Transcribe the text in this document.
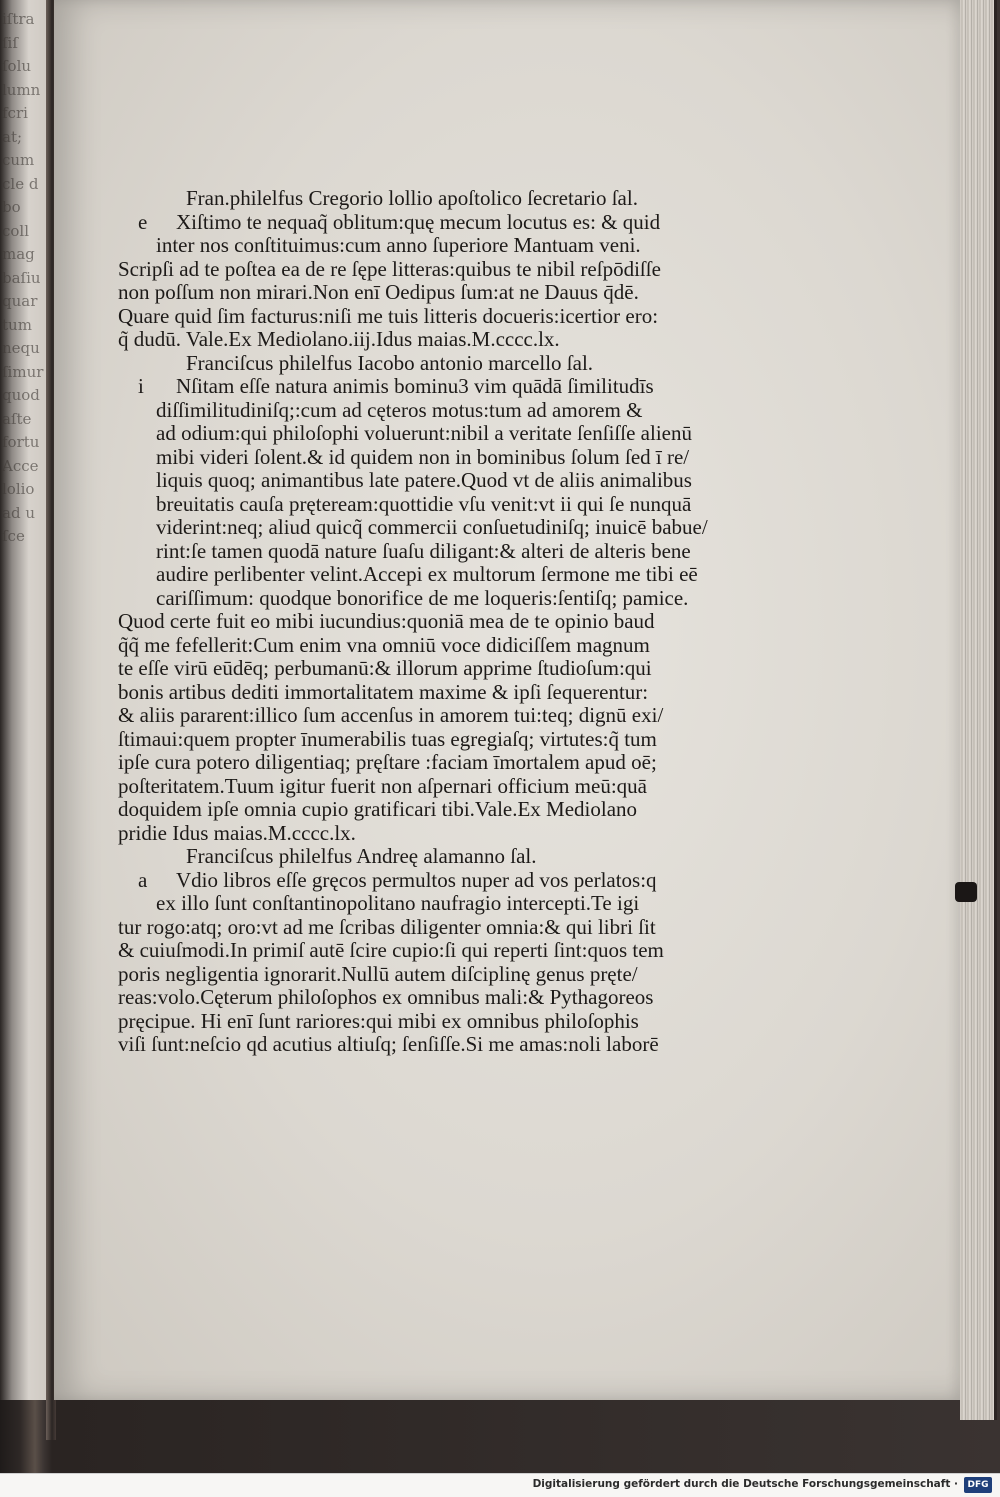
iſtra
ſiſ
ſolu
lumn
fcri
at;
cum
cle d
bo
coll
mag
baſiu
quar
tum
nequ
ſimur
quod
aſte
fortu
Acce
lolio
ad u
ſce
Fran.philelfus Cregorio lollio apoſtolico ſecretario ſal.
e Xiſtimo te nequaq̃ oblitum:quę mecum locutus es: & quid
inter nos conſtituimus:cum anno ſuperiore Mantuam veni.
Scripſi ad te poſtea ea de re ſępe litteras:quibus te nibil reſpōdiſſe
non poſſum non mirari.Non enī Oedipus ſum:at ne Dauus q̄dē.
Quare quid ſim facturus:niſi me tuis litteris docueris:icertior ero:
q̃ dudū. Vale.Ex Mediolano.iij.Idus maias.M.cccc.lx.
Franciſcus philelfus Iacobo antonio marcello ſal.
i Nſitam eſſe natura animis bominu3 vim quādā ſimilitudīs
diſſimilitudiniſq;:cum ad cęteros motus:tum ad amorem &
ad odium:qui philoſophi voluerunt:nibil a veritate ſenſiſſe alienū
mibi videri ſolent.& id quidem non in bominibus ſolum ſed ī re/
liquis quoq; animantibus late patere.Quod vt de aliis animalibus
breuitatis cauſa pręteream:quottidie vſu venit:vt ii qui ſe nunquā
viderint:neq; aliud quicq̃ commercii conſuetudiniſq; inuicē babue/
rint:ſe tamen quodā nature ſuaſu diligant:& alteri de alteris bene
audire perlibenter velint.Accepi ex multorum ſermone me tibi eē
cariſſimum: quodque bonorifice de me loqueris:ſentiſq; pamice.
Quod certe fuit eo mibi iucundius:quoniā mea de te opinio baud
q̃q̃ me fefellerit:Cum enim vna omniū voce didiciſſem magnum
te eſſe virū eūdēq; perbumanū:& illorum apprime ſtudioſum:qui
bonis artibus dediti immortalitatem maxime & ipſi ſequerentur:
& aliis pararent:illico ſum accenſus in amorem tui:teq; dignū exi/
ſtimaui:quem propter īnumerabilis tuas egregiaſq; virtutes:q̃ tum
ipſe cura potero diligentiaq; pręſtare :faciam īmortalem apud oē;
poſteritatem.Tuum igitur fuerit non aſpernari officium meū:quā
doquidem ipſe omnia cupio gratificari tibi.Vale.Ex Mediolano
pridie Idus maias.M.cccc.lx.
Franciſcus philelfus Andreę alamanno ſal.
a Vdio libros eſſe gręcos permultos nuper ad vos perlatos:q
ex illo ſunt conſtantinopolitano naufragio intercepti.Te igi
tur rogo:atq; oro:vt ad me ſcribas diligenter omnia:& qui libri ſit
& cuiuſmodi.In primiſ autē ſcire cupio:ſi qui reperti ſint:quos tem
poris negligentia ignorarit.Nullū autem diſciplinę genus pręte/
reas:volo.Cęterum philoſophos ex omnibus mali:& Pythagoreos
pręcipue. Hi enī ſunt rariores:qui mibi ex omnibus philoſophis
viſi ſunt:neſcio qd acutius altiuſq; ſenſiſſe.Si me amas:noli laborē
Digitalisierung gefördert durch die Deutsche Forschungsgemeinschaft ·	DFG
